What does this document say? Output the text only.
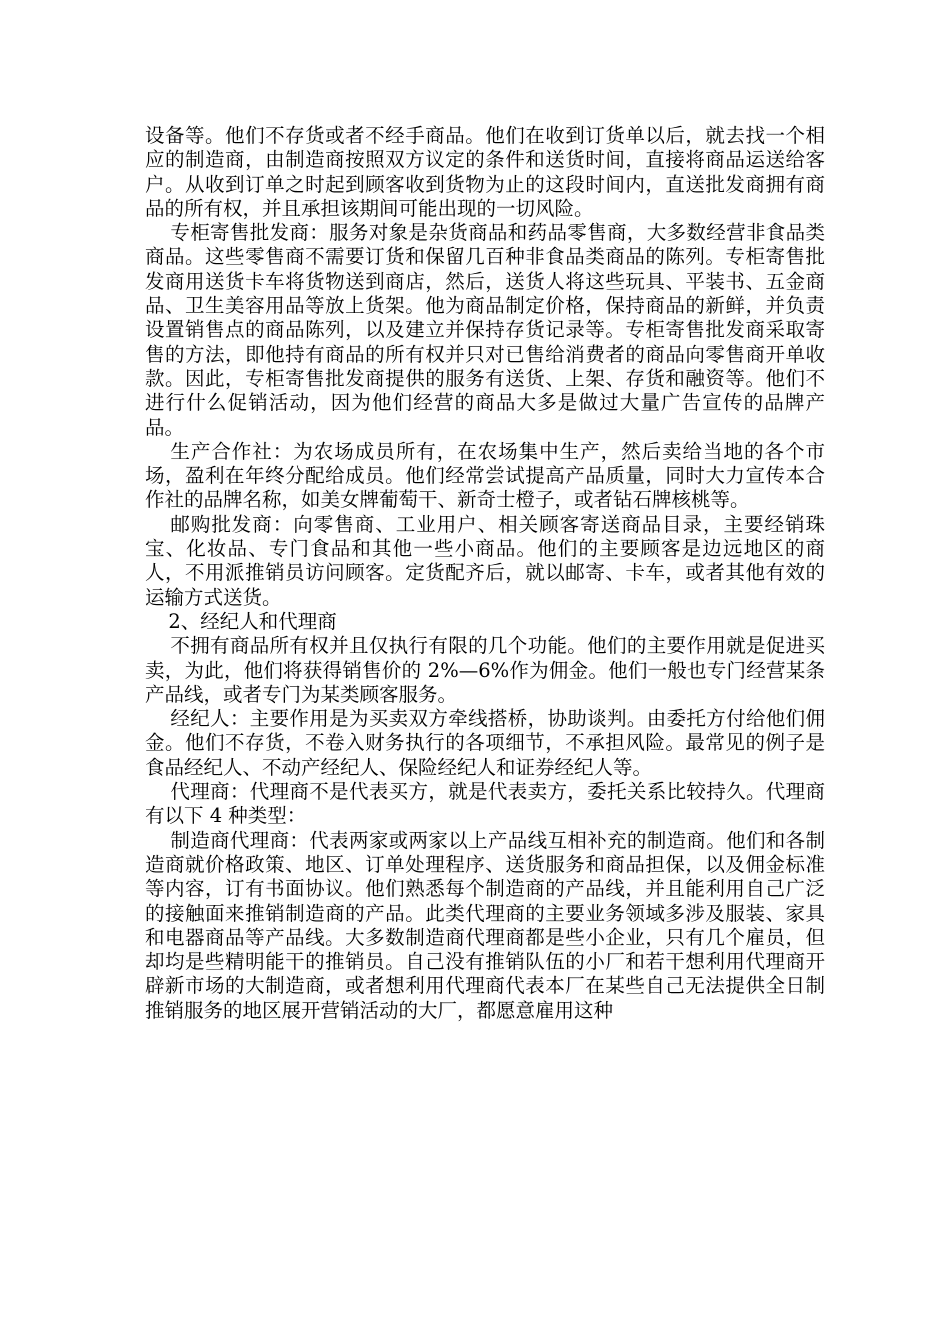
设备等。他们不存货或者不经手商品。他们在收到订货单以后，就去找一个相应的制造商，由制造商按照双方议定的条件和送货时间，直接将商品运送给客户。从收到订单之时起到顾客收到货物为止的这段时间内，直送批发商拥有商品的所有权，并且承担该期间可能出现的一切风险。

专柜寄售批发商：服务对象是杂货商品和药品零售商，大多数经营非食品类商品。这些零售商不需要订货和保留几百种非食品类商品的陈列。专柜寄售批发商用送货卡车将货物送到商店，然后，送货人将这些玩具、平装书、五金商品、卫生美容用品等放上货架。他为商品制定价格，保持商品的新鲜，并负责设置销售点的商品陈列，以及建立并保持存货记录等。专柜寄售批发商采取寄售的方法，即他持有商品的所有权并只对已售给消费者的商品向零售商开单收款。因此，专柜寄售批发商提供的服务有送货、上架、存货和融资等。他们不进行什么促销活动，因为他们经营的商品大多是做过大量广告宣传的品牌产品。

生产合作社：为农场成员所有，在农场集中生产，然后卖给当地的各个市场，盈利在年终分配给成员。他们经常尝试提高产品质量，同时大力宣传本合作社的品牌名称，如美女牌葡萄干、新奇士橙子，或者钻石牌核桃等。

邮购批发商：向零售商、工业用户、相关顾客寄送商品目录，主要经销珠宝、化妆品、专门食品和其他一些小商品。他们的主要顾客是边远地区的商人，不用派推销员访问顾客。定货配齐后，就以邮寄、卡车，或者其他有效的运输方式送货。

2、经纪人和代理商

不拥有商品所有权并且仅执行有限的几个功能。他们的主要作用就是促进买卖，为此，他们将获得销售价的 2%—6%作为佣金。他们一般也专门经营某条产品线，或者专门为某类顾客服务。

经纪人：主要作用是为买卖双方牵线搭桥，协助谈判。由委托方付给他们佣金。他们不存货，不卷入财务执行的各项细节，不承担风险。最常见的例子是食品经纪人、不动产经纪人、保险经纪人和证券经纪人等。

代理商：代理商不是代表买方，就是代表卖方，委托关系比较持久。代理商有以下 4 种类型：

制造商代理商：代表两家或两家以上产品线互相补充的制造商。他们和各制造商就价格政策、地区、订单处理程序、送货服务和商品担保，以及佣金标准等内容，订有书面协议。他们熟悉每个制造商的产品线，并且能利用自己广泛的接触面来推销制造商的产品。此类代理商的主要业务领域多涉及服装、家具和电器商品等产品线。大多数制造商代理商都是些小企业，只有几个雇员，但却均是些精明能干的推销员。自己没有推销队伍的小厂和若干想利用代理商开辟新市场的大制造商，或者想利用代理商代表本厂在某些自己无法提供全日制推销服务的地区展开营销活动的大厂，都愿意雇用这种
